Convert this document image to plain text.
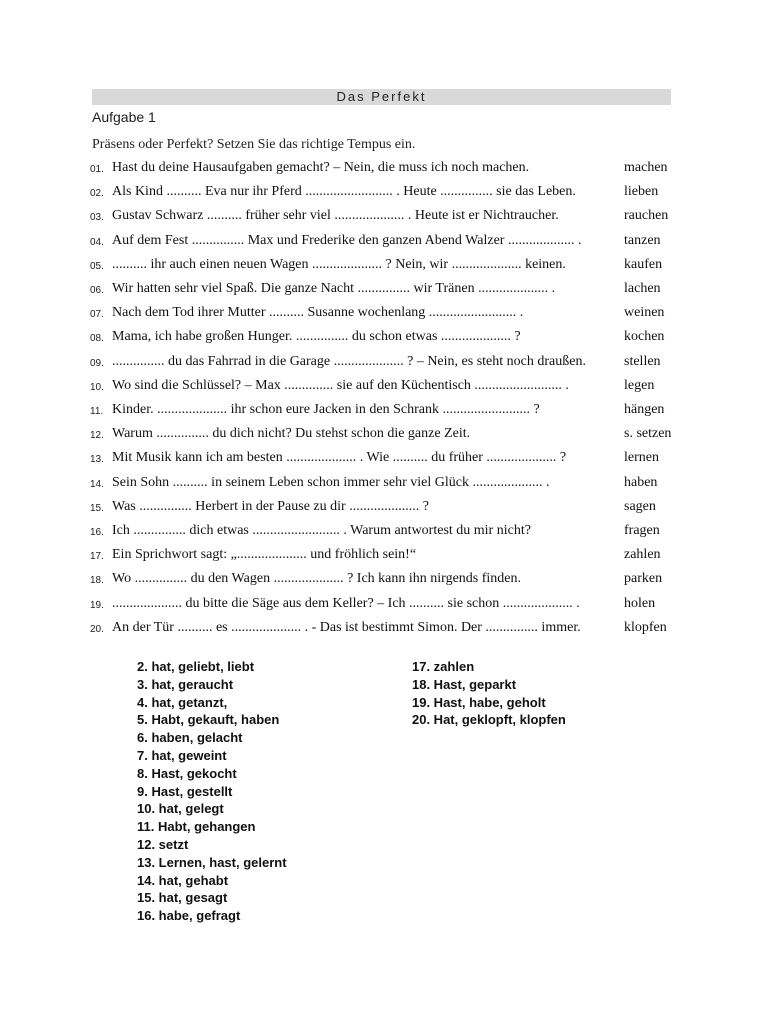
Das Perfekt
Aufgabe 1
Präsens oder Perfekt? Setzen Sie das richtige Tempus ein.
01. Hast du deine Hausaufgaben gemacht? – Nein, die muss ich noch machen.	machen
02. Als Kind .......... Eva nur ihr Pferd ......................... . Heute ............... sie das Leben.	lieben
03. Gustav Schwarz .......... früher sehr viel .................... . Heute ist er Nichtraucher.	rauchen
04. Auf dem Fest ............... Max und Frederike den ganzen Abend Walzer ................... .	tanzen
05. .......... ihr auch einen neuen Wagen .................... ? Nein, wir .................... keinen.	kaufen
06. Wir hatten sehr viel Spaß. Die ganze Nacht ............... wir Tränen .................... .	lachen
07. Nach dem Tod ihrer Mutter .......... Susanne wochenlang ......................... .	weinen
08. Mama, ich habe großen Hunger. ............... du schon etwas .................... ?	kochen
09. ............... du das Fahrrad in die Garage .................... ? – Nein, es steht noch draußen.	stellen
10. Wo sind die Schlüssel? – Max .............. sie auf den Küchentisch ......................... .	legen
11. Kinder. .................... ihr schon eure Jacken in den Schrank ......................... ?	hängen
12. Warum ............... du dich nicht? Du stehst schon die ganze Zeit.	s. setzen
13. Mit Musik kann ich am besten .................... . Wie .......... du früher .................... ?	lernen
14. Sein Sohn .......... in seinem Leben schon immer sehr viel Glück .................... .	haben
15. Was ............... Herbert in der Pause zu dir .................... ?	sagen
16. Ich ............... dich etwas ......................... . Warum antwortest du mir nicht?	fragen
17. Ein Sprichwort sagt: „.................... und fröhlich sein!“	zahlen
18. Wo ............... du den Wagen .................... ? Ich kann ihn nirgends finden.	parken
19. .................... du bitte die Säge aus dem Keller? – Ich .......... sie schon .................... .	holen
20. An der Tür .......... es .................... . - Das ist bestimmt Simon. Der ............... immer.	klopfen
2. hat, geliebt, liebt
3. hat, geraucht
4. hat, getanzt,
5. Habt, gekauft, haben
6. haben, gelacht
7. hat, geweint
8. Hast, gekocht
9. Hast, gestellt
10. hat, gelegt
11. Habt, gehangen
12. setzt
13. Lernen, hast, gelernt
14. hat, gehabt
15. hat, gesagt
16. habe, gefragt
17. zahlen
18. Hast, geparkt
19. Hast, habe, geholt
20. Hat, geklopft, klopfen
